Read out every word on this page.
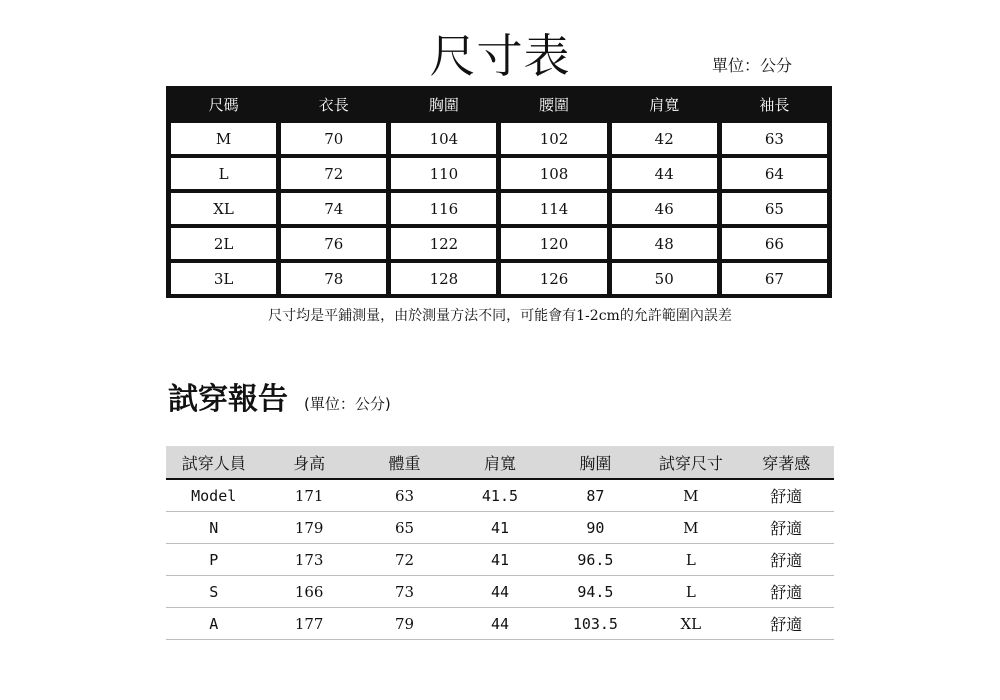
尺寸表	單位：公分
尺碼	衣長	胸圍	腰圍	肩寬	袖長
M	70	104	102	42	63
L	72	110	108	44	64
XL	74	116	114	46	65
2L	76	122	120	48	66
3L	78	128	126	50	67
尺寸均是平鋪測量，由於測量方法不同，可能會有1-2cm的允許範圍內誤差
試穿報告 (單位：公分)
試穿人員	身高	體重	肩寬	胸圍	試穿尺寸	穿著感
Model	171	63	41.5	87	M	舒適
N	179	65	41	90	M	舒適
P	173	72	41	96.5	L	舒適
S	166	73	44	94.5	L	舒適
A	177	79	44	103.5	XL	舒適
